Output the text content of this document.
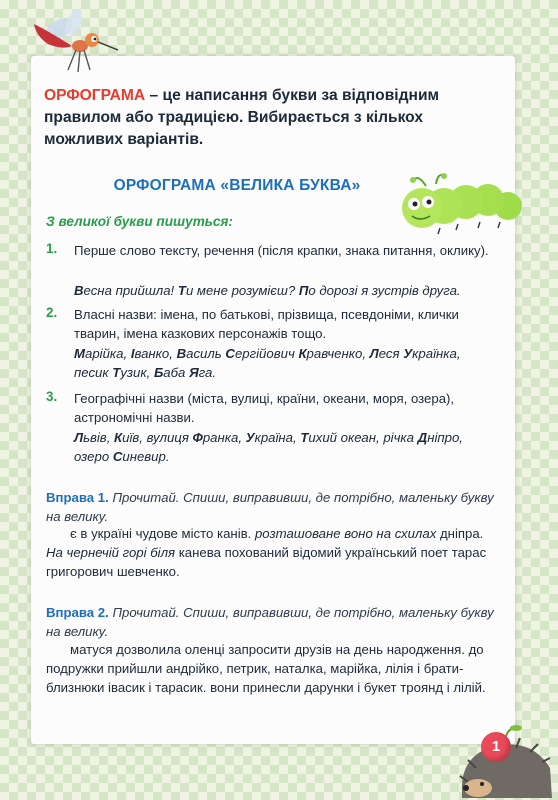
ОРФОГРАМА – це написання букви за відповідним правилом або традицією. Вибирається з кількох можливих варіантів.

ОРФОГРАМА «ВЕЛИКА БУКВА»

З великої букви пишуться:

1. Перше слово тексту, речення (після крапки, знака питання, оклику).

Весна прийшла! Ти мене розумієш? По дорозі я зустрів друга.

2. Власні назви: імена, по батькові, прізвища, псевдоніми, клички тварин, імена казкових персонажів тощо.

Марійка, Іванко, Василь Сергійович Кравченко, Леся Українка, песик Тузик, Баба Яга.

3. Географічні назви (міста, вулиці, країни, океани, моря, озера), астрономічні назви.

Львів, Київ, вулиця Франка, Україна, Тихий океан, річка Дніпро, озеро Синевир.

Вправа 1. Прочитай. Спиши, виправивши, де потрібно, маленьку букву на велику.

є в україні чудове місто канів. розташоване воно на схилах дніпра. На чернечій горі біля канева похований відомий український поет тарас григорович шевченко.

Вправа 2. Прочитай. Спиши, виправивши, де потрібно, маленьку букву на велику.

матуся дозволила оленці запросити друзів на день народження. до подружки прийшли андрійко, петрик, наталка, марійка, лілія і брати-близнюки івасик і тарасик. вони принесли дарунки і букет троянд і лілій.

1
